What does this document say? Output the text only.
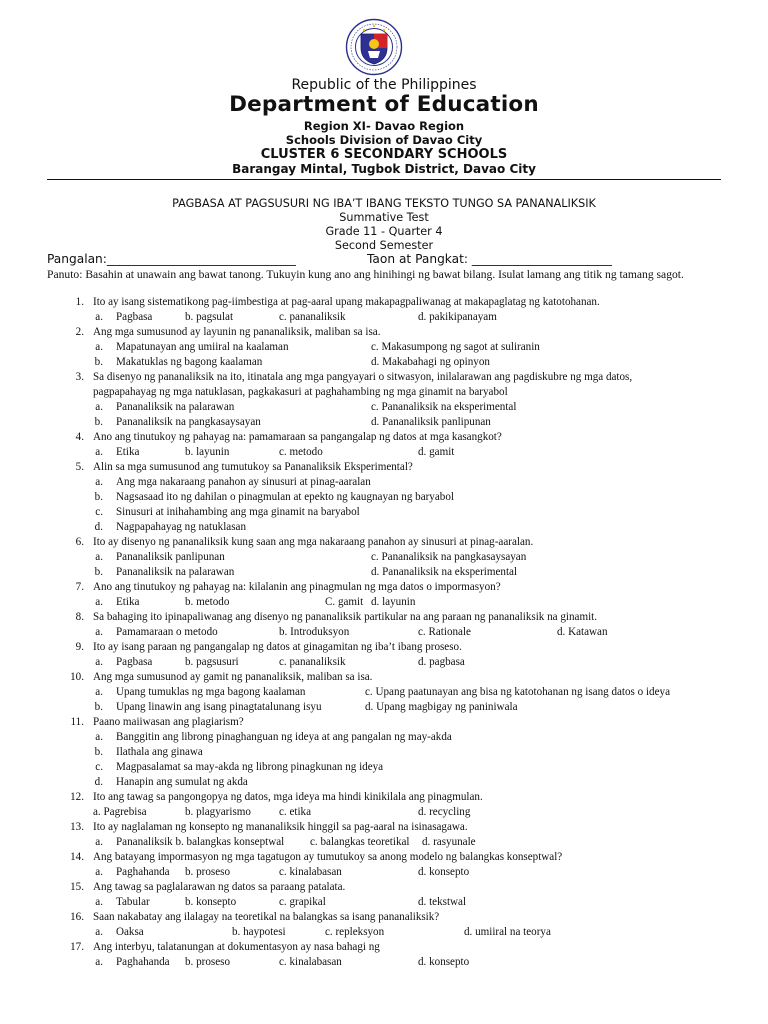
Republic of the Philippines
Department of Education
Region XI- Davao Region
Schools Division of Davao City
CLUSTER 6 SECONDARY SCHOOLS
Barangay Mintal, Tugbok District, Davao City
PAGBASA AT PAGSUSURI NG IBA’T IBANG TEKSTO TUNGO SA PANANALIKSIK
Summative Test
Grade 11 - Quarter 4
Second Semester
Pangalan:_______________________________	Taon at Pangkat: _______________________
Panuto: Basahin at unawain ang bawat tanong. Tukuyin kung ano ang hinihingi ng bawat bilang. Isulat lamang ang titik ng tamang sagot.
1. Ito ay isang sistematikong pag-iimbestiga at pag-aaral upang makapagpaliwanag at makapaglatag ng katotohanan.
a. Pagbasa	b. pagsulat	c. pananaliksik	d. pakikipanayam
2. Ang mga sumusunod ay layunin ng pananaliksik, maliban sa isa.
a. Mapatunayan ang umiiral na kaalaman	c. Makasumpong ng sagot at suliranin
b. Makatuklas ng bagong kaalaman	d. Makabahagi ng opinyon
3. Sa disenyo ng pananaliksik na ito, itinatala ang mga pangyayari o sitwasyon, inilalarawan ang pagdiskubre ng mga datos,
pagpapahayag ng mga natuklasan, pagkakasuri at paghahambing ng mga ginamit na baryabol
a. Pananaliksik na palarawan	c. Pananaliksik na eksperimental
b. Pananaliksik na pangkasaysayan	d. Pananaliksik panlipunan
4. Ano ang tinutukoy ng pahayag na: pamamaraan sa pangangalap ng datos at mga kasangkot?
a. Etika	b. layunin	c. metodo	d. gamit
5. Alin sa mga sumusunod ang tumutukoy sa Pananaliksik Eksperimental?
a. Ang mga nakaraang panahon ay sinusuri at pinag-aaralan
b. Nagsasaad ito ng dahilan o pinagmulan at epekto ng kaugnayan ng baryabol
c. Sinusuri at inihahambing ang mga ginamit na baryabol
d. Nagpapahayag ng natuklasan
6. Ito ay disenyo ng pananaliksik kung saan ang mga nakaraang panahon ay sinusuri at pinag-aaralan.
a. Pananaliksik panlipunan	c. Pananaliksik na pangkasaysayan
b. Pananaliksik na palarawan	d. Pananaliksik na eksperimental
7. Ano ang tinutukoy ng pahayag na: kilalanin ang pinagmulan ng mga datos o impormasyon?
a. Etika	b. metodo	C. gamit d. layunin
8. Sa bahaging ito ipinapaliwanag ang disenyo ng pananaliksik partikular na ang paraan ng pananaliksik na ginamit.
a. Pamamaraan o metodo	b. Introduksyon	c. Rationale	d. Katawan
9. Ito ay isang paraan ng pangangalap ng datos at ginagamitan ng iba’t ibang proseso.
a. Pagbasa	b. pagsusuri	c. pananaliksik	d. pagbasa
10. Ang mga sumusunod ay gamit ng pananaliksik, maliban sa isa.
a. Upang tumuklas ng mga bagong kaalaman	c. Upang paatunayan ang bisa ng katotohanan ng isang datos o ideya
b. Upang linawin ang isang pinagtatalunang isyu	d. Upang magbigay ng paniniwala
11. Paano maiiwasan ang plagiarism?
a. Banggitin ang librong pinaghanguan ng ideya at ang pangalan ng may-akda
b. Ilathala ang ginawa
c. Magpasalamat sa may-akda ng librong pinagkunan ng ideya
d. Hanapin ang sumulat ng akda
12. Ito ang tawag sa pangongopya ng datos, mga ideya ma hindi kinikilala ang pinagmulan.
a. Pagrebisa	b. plagyarismo	c. etika	d. recycling
13. Ito ay naglalaman ng konsepto ng mananaliksik hinggil sa pag-aaral na isinasagawa.
a. Pananaliksik b. balangkas konseptwal c. balangkas teoretikal d. rasyunale
14. Ang batayang impormasyon ng mga tagatugon ay tumutukoy sa anong modelo ng balangkas konseptwal?
a. Paghahanda b. proseso	c. kinalabasan	d. konsepto
15. Ang tawag sa paglalarawan ng datos sa paraang patalata.
a. Tabular	b. konsepto	c. grapikal	d. tekstwal
16. Saan nakabatay ang ilalagay na teoretikal na balangkas sa isang pananaliksik?
a. Oaksa	b. haypotesi	c. repleksyon	d. umiiral na teorya
17. Ang interbyu, talatanungan at dokumentasyon ay nasa bahagi ng
a. Paghahanda b. proseso	c. kinalabasan	d. konsepto
